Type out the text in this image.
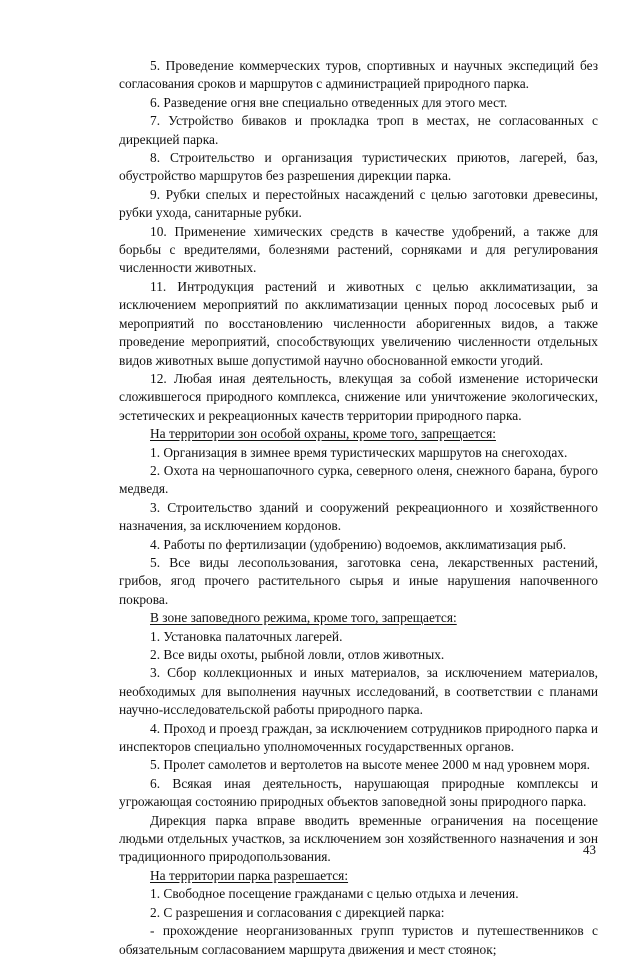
5. Проведение коммерческих туров, спортивных и научных экспедиций без согласования сроков и маршрутов с администрацией природного парка.

6. Разведение огня вне специально отведенных для этого мест.

7. Устройство биваков и прокладка троп в местах, не согласованных с дирекцией парка.

8. Строительство и организация туристических приютов, лагерей, баз, обустройство маршрутов без разрешения дирекции парка.

9. Рубки спелых и перестойных насаждений с целью заготовки древесины, рубки ухода, санитарные рубки.

10. Применение химических средств в качестве удобрений, а также для борьбы с вредителями, болезнями растений, сорняками и для регулирования численности животных.

11. Интродукция растений и животных с целью акклиматизации, за исключением мероприятий по акклиматизации ценных пород лососевых рыб и мероприятий по восстановлению численности аборигенных видов, а также проведение мероприятий, способствующих увеличению численности отдельных видов животных выше допустимой научно обоснованной емкости угодий.

12. Любая иная деятельность, влекущая за собой изменение исторически сложившегося природного комплекса, снижение или уничтожение экологических, эстетических и рекреационных качеств территории природного парка.

На территории зон особой охраны, кроме того, запрещается:

1. Организация в зимнее время туристических маршрутов на снегоходах.

2. Охота на черношапочного сурка, северного оленя, снежного барана, бурого медведя.

3. Строительство зданий и сооружений рекреационного и хозяйственного назначения, за исключением кордонов.

4. Работы по фертилизации (удобрению) водоемов, акклиматизация рыб.

5. Все виды лесопользования, заготовка сена, лекарственных растений, грибов, ягод прочего растительного сырья и иные нарушения напочвенного покрова.

В зоне заповедного режима, кроме того, запрещается:

1. Установка палаточных лагерей.

2. Все виды охоты, рыбной ловли, отлов животных.

3. Сбор коллекционных и иных материалов, за исключением материалов, необходимых для выполнения научных исследований, в соответствии с планами научно-исследовательской работы природного парка.

4. Проход и проезд граждан, за исключением сотрудников природного парка и инспекторов специально уполномоченных государственных органов.

5. Пролет самолетов и вертолетов на высоте менее 2000 м над уровнем моря.

6. Всякая иная деятельность, нарушающая природные комплексы и угрожающая состоянию природных объектов заповедной зоны природного парка.

Дирекция парка вправе вводить временные ограничения на посещение людьми отдельных участков, за исключением зон хозяйственного назначения и зон традиционного природопользования.

На территории парка разрешается:

1. Свободное посещение гражданами с целью отдыха и лечения.

2. С разрешения и согласования с дирекцией парка:

- прохождение неорганизованных групп туристов и путешественников с обязательным согласованием маршрута движения и мест стоянок;

43
